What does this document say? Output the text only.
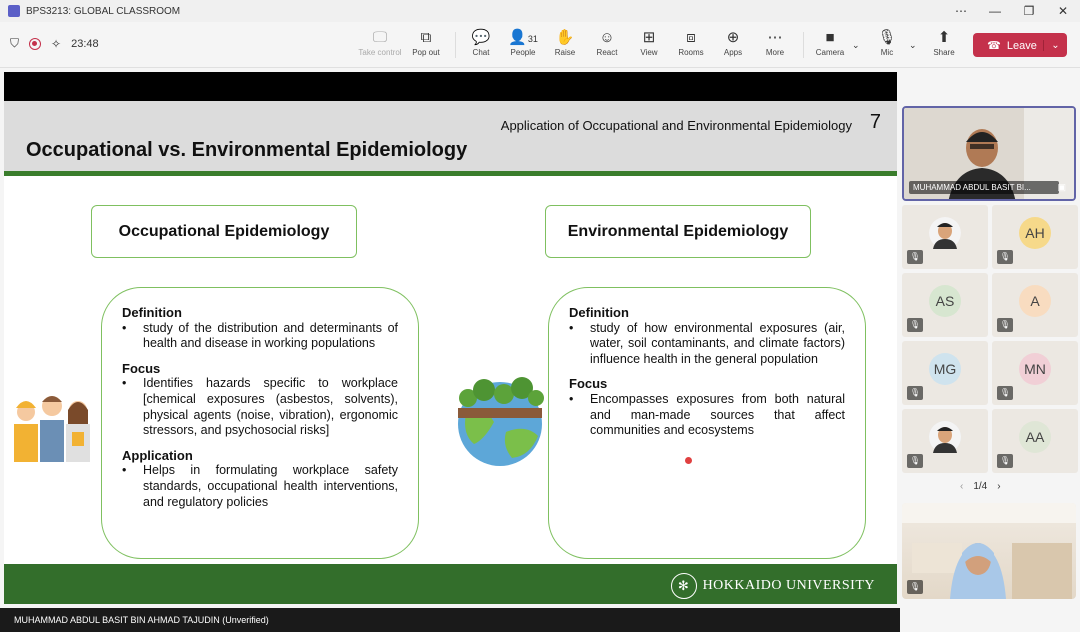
BPS3213: GLOBAL CLASSROOM	⋯	—	❐	✕
⛉	✧ 23:48	🖵
Take control
⧉
Pop out
💬
Chat
👤31
People
✋
Raise
☺
React
⊞
View
⧈
Rooms
⊕
Apps
⋯
More
■
Camera
🎙
Mic
⬆
Share
⌄	⌄	☎ Leave	⌄
Application of Occupational and Environmental Epidemiology 7
Occupational vs. Environmental Epidemiology
Occupational Epidemiology	Environmental Epidemiology
Definition
•	study of the distribution and determinants of health and disease in working populations
Focus
•	Identifies hazards specific to workplace [chemical exposures (asbestos, solvents), physical agents (noise, vibration), ergonomic stressors, and psychosocial risks]
Application
•	Helps in formulating workplace safety standards, occupational health interventions, and regulatory policies
Definition
•	study of how environmental exposures (air, water, soil contaminants, and climate factors) influence health in the general population
Focus
•	Encompasses exposures from both natural and man-made sources that affect communities and ecosystems
✻ HOKKAIDO UNIVERSITY
MUHAMMAD ABDUL BASIT BIN AHMAD TAJUDIN (Unverified)
MUHAMMAD ABDUL BASIT BI...	▣
🎙
AH
🎙
AS
🎙
A
🎙
MG
🎙
MN
🎙
🎙
AA
🎙
‹ 1/4 ›
🎙
